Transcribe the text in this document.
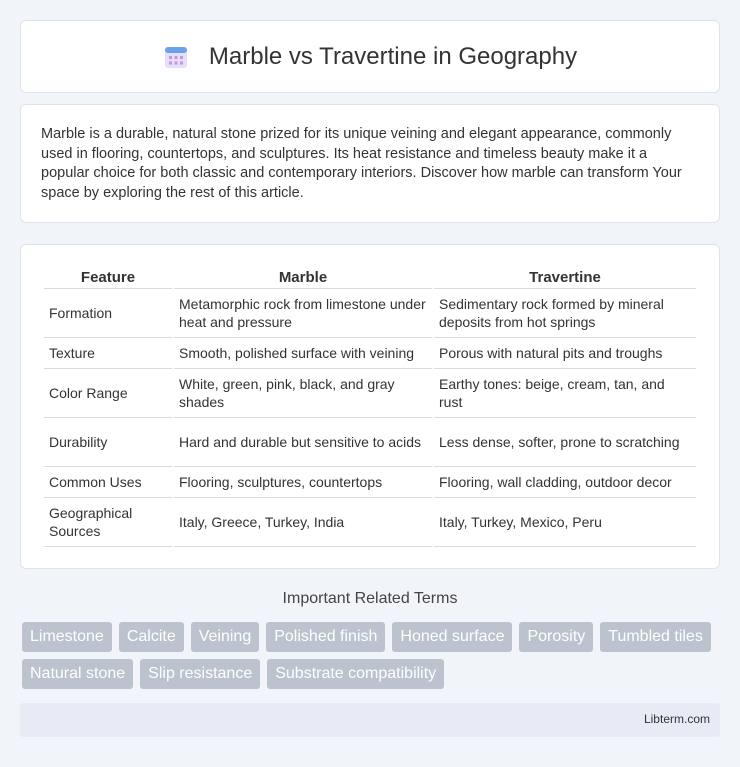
Marble vs Travertine in Geography

Marble is a durable, natural stone prized for its unique veining and elegant appearance, commonly used in flooring, countertops, and sculptures. Its heat resistance and timeless beauty make it a popular choice for both classic and contemporary interiors. Discover how marble can transform Your space by exploring the rest of this article.

Feature	Marble	Travertine
Formation	Metamorphic rock from limestone under heat and pressure	Sedimentary rock formed by mineral deposits from hot springs
Texture	Smooth, polished surface with veining	Porous with natural pits and troughs
Color Range	White, green, pink, black, and gray shades	Earthy tones: beige, cream, tan, and rust
Durability	Hard and durable but sensitive to acids	Less dense, softer, prone to scratching
Common Uses	Flooring, sculptures, countertops	Flooring, wall cladding, outdoor decor
Geographical Sources	Italy, Greece, Turkey, India	Italy, Turkey, Mexico, Peru
Important Related Terms
Limestone	Calcite	Veining	Polished finish	Honed surface	Porosity	Tumbled tiles
Natural stone	Slip resistance	Substrate compatibility
Libterm.com
